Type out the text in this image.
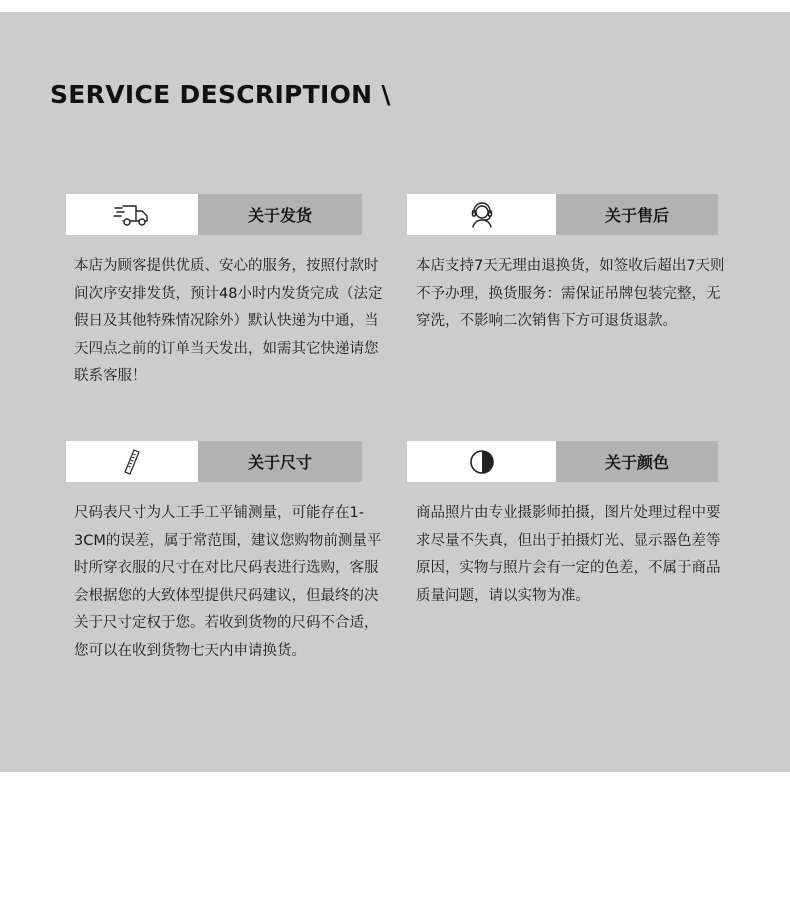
SERVICE DESCRIPTION \
关于发货
本店为顾客提供优质、安心的服务，按照付款时间次序安排发货，预计48小时内发货完成（法定假日及其他特殊情况除外）默认快递为中通，当天四点之前的订单当天发出，如需其它快递请您联系客服！
关于售后
本店支持7天无理由退换货，如签收后超出7天则不予办理，换货服务：需保证吊牌包装完整，无穿洗，不影响二次销售下方可退货退款。
关于尺寸
尺码表尺寸为人工手工平铺测量，可能存在1-3CM的误差，属于常范围，建议您购物前测量平时所穿衣服的尺寸在对比尺码表进行选购，客服会根据您的大致体型提供尺码建议，但最终的决关于尺寸定权于您。若收到货物的尺码不合适，您可以在收到货物七天内申请换货。
关于颜色
商品照片由专业摄影师拍摄，图片处理过程中要求尽量不失真，但出于拍摄灯光、显示器色差等原因，实物与照片会有一定的色差，不属于商品质量问题，请以实物为准。
